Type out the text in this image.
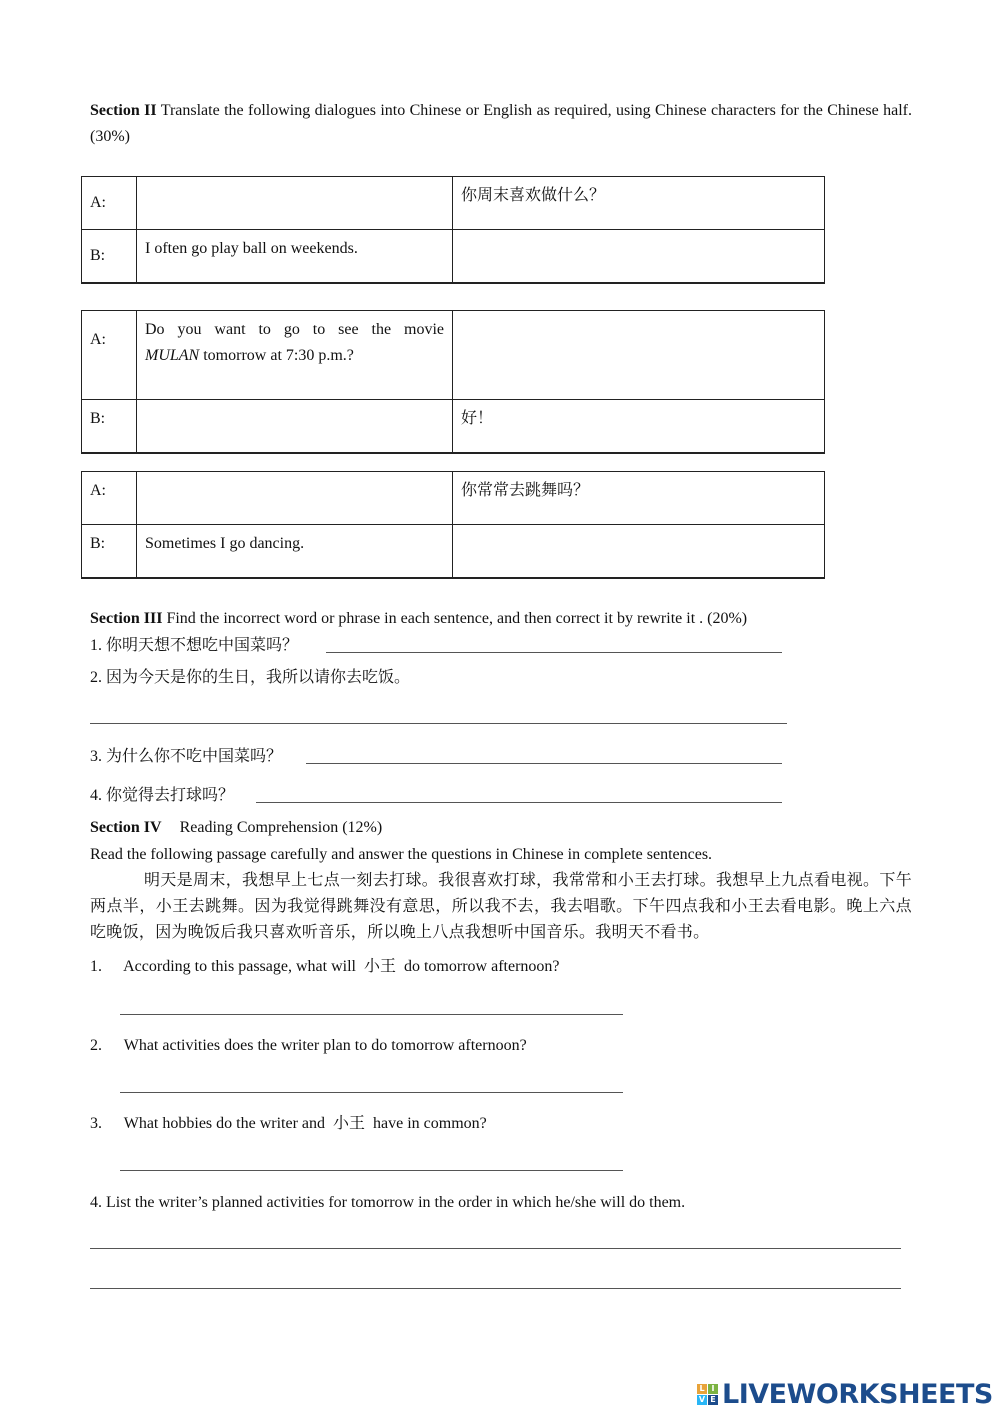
Section II Translate the following dialogues into Chinese or English as required, using Chinese characters for the Chinese half. (30%)
A:		你周末喜欢做什么？
B:	I often go play ball on weekends.	
A:	Do you want to go to see the movie
MULAN tomorrow at 7:30 p.m.?	
B:		好！
A:		你常常去跳舞吗？
B:	Sometimes I go dancing.	
Section III Find the incorrect word or phrase in each sentence, and then correct it by rewrite it . (20%)
1. 你明天想不想吃中国菜吗？
2. 因为今天是你的生日，我所以请你去吃饭。
3. 为什么你不吃中国菜吗？
4. 你觉得去打球吗？
Section IV Reading Comprehension (12%)
Read the following passage carefully and answer the questions in Chinese in complete sentences.
明天是周末，我想早上七点一刻去打球。我很喜欢打球，我常常和小王去打球。我想早上九点看电视。下午两点半，小王去跳舞。因为我觉得跳舞没有意思，所以我不去，我去唱歌。下午四点我和小王去看电影。晚上六点吃晚饭，因为晚饭后我只喜欢听音乐，所以晚上八点我想听中国音乐。我明天不看书。
1. According to this passage, what will 小王 do tomorrow afternoon?
2. What activities does the writer plan to do tomorrow afternoon?
3. What hobbies do the writer and 小王 have in common?
4. List the writer’s planned activities for tomorrow in the order in which he/she will do them.
L I
V E LIVEWORKSHEETS
